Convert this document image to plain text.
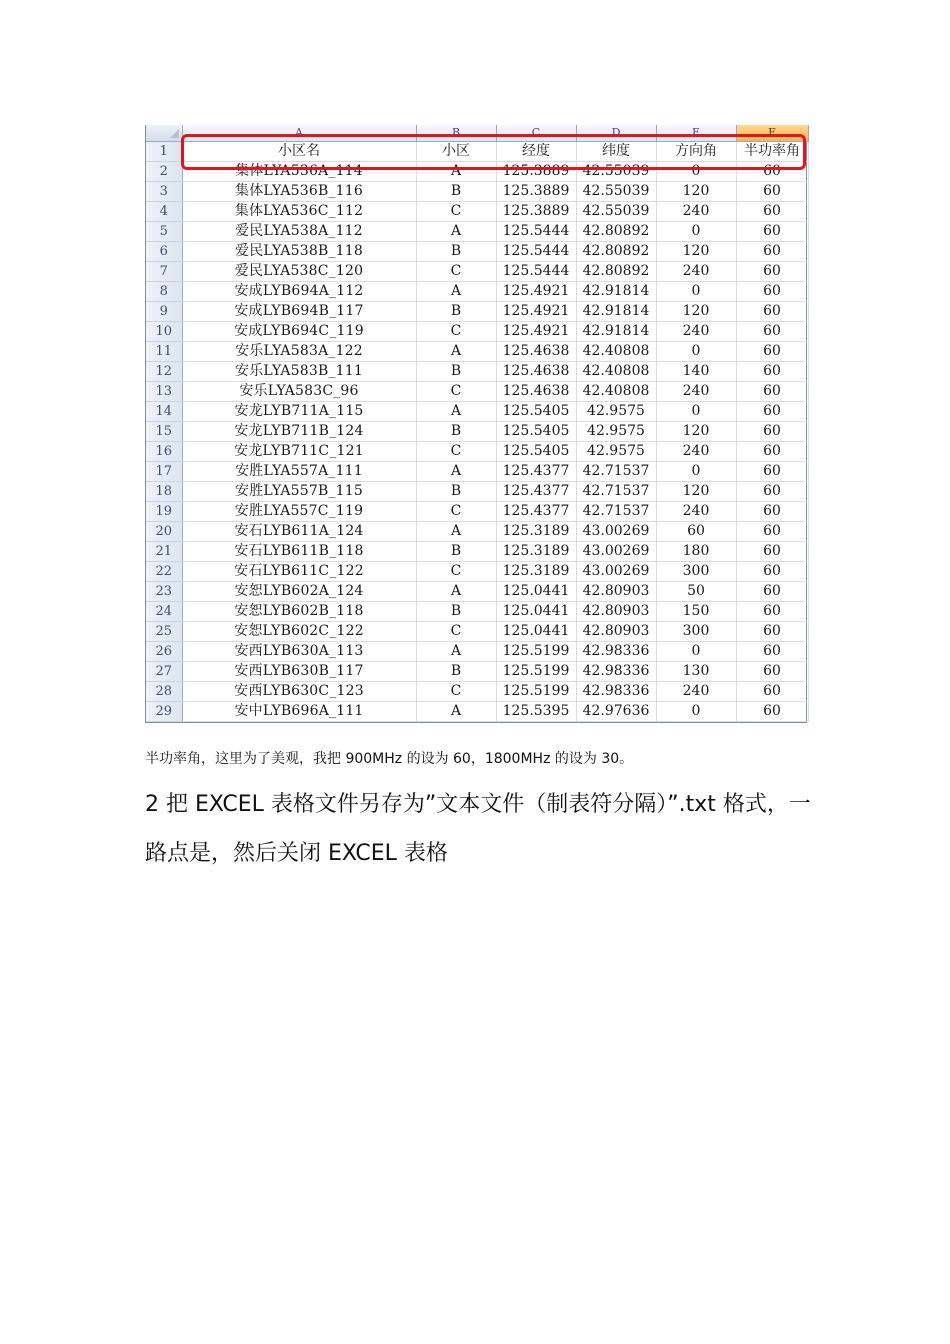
	A	B	C	D	E	F
1	小区名	小区	经度	纬度	方向角	半功率角
2	集体LYA536A_114	A	125.3889	42.55039	0	60
3	集体LYA536B_116	B	125.3889	42.55039	120	60
4	集体LYA536C_112	C	125.3889	42.55039	240	60
5	爱民LYA538A_112	A	125.5444	42.80892	0	60
6	爱民LYA538B_118	B	125.5444	42.80892	120	60
7	爱民LYA538C_120	C	125.5444	42.80892	240	60
8	安成LYB694A_112	A	125.4921	42.91814	0	60
9	安成LYB694B_117	B	125.4921	42.91814	120	60
10	安成LYB694C_119	C	125.4921	42.91814	240	60
11	安乐LYA583A_122	A	125.4638	42.40808	0	60
12	安乐LYA583B_111	B	125.4638	42.40808	140	60
13	安乐LYA583C_96	C	125.4638	42.40808	240	60
14	安龙LYB711A_115	A	125.5405	42.9575	0	60
15	安龙LYB711B_124	B	125.5405	42.9575	120	60
16	安龙LYB711C_121	C	125.5405	42.9575	240	60
17	安胜LYA557A_111	A	125.4377	42.71537	0	60
18	安胜LYA557B_115	B	125.4377	42.71537	120	60
19	安胜LYA557C_119	C	125.4377	42.71537	240	60
20	安石LYB611A_124	A	125.3189	43.00269	60	60
21	安石LYB611B_118	B	125.3189	43.00269	180	60
22	安石LYB611C_122	C	125.3189	43.00269	300	60
23	安恕LYB602A_124	A	125.0441	42.80903	50	60
24	安恕LYB602B_118	B	125.0441	42.80903	150	60
25	安恕LYB602C_122	C	125.0441	42.80903	300	60
26	安西LYB630A_113	A	125.5199	42.98336	0	60
27	安西LYB630B_117	B	125.5199	42.98336	130	60
28	安西LYB630C_123	C	125.5199	42.98336	240	60
29	安中LYB696A_111	A	125.5395	42.97636	0	60
半功率角，这里为了美观，我把 900MHz 的设为 60，1800MHz 的设为 30。
2 把 EXCEL 表格文件另存为”文本文件（制表符分隔）”.txt 格式，一路点是，然后关闭 EXCEL 表格
